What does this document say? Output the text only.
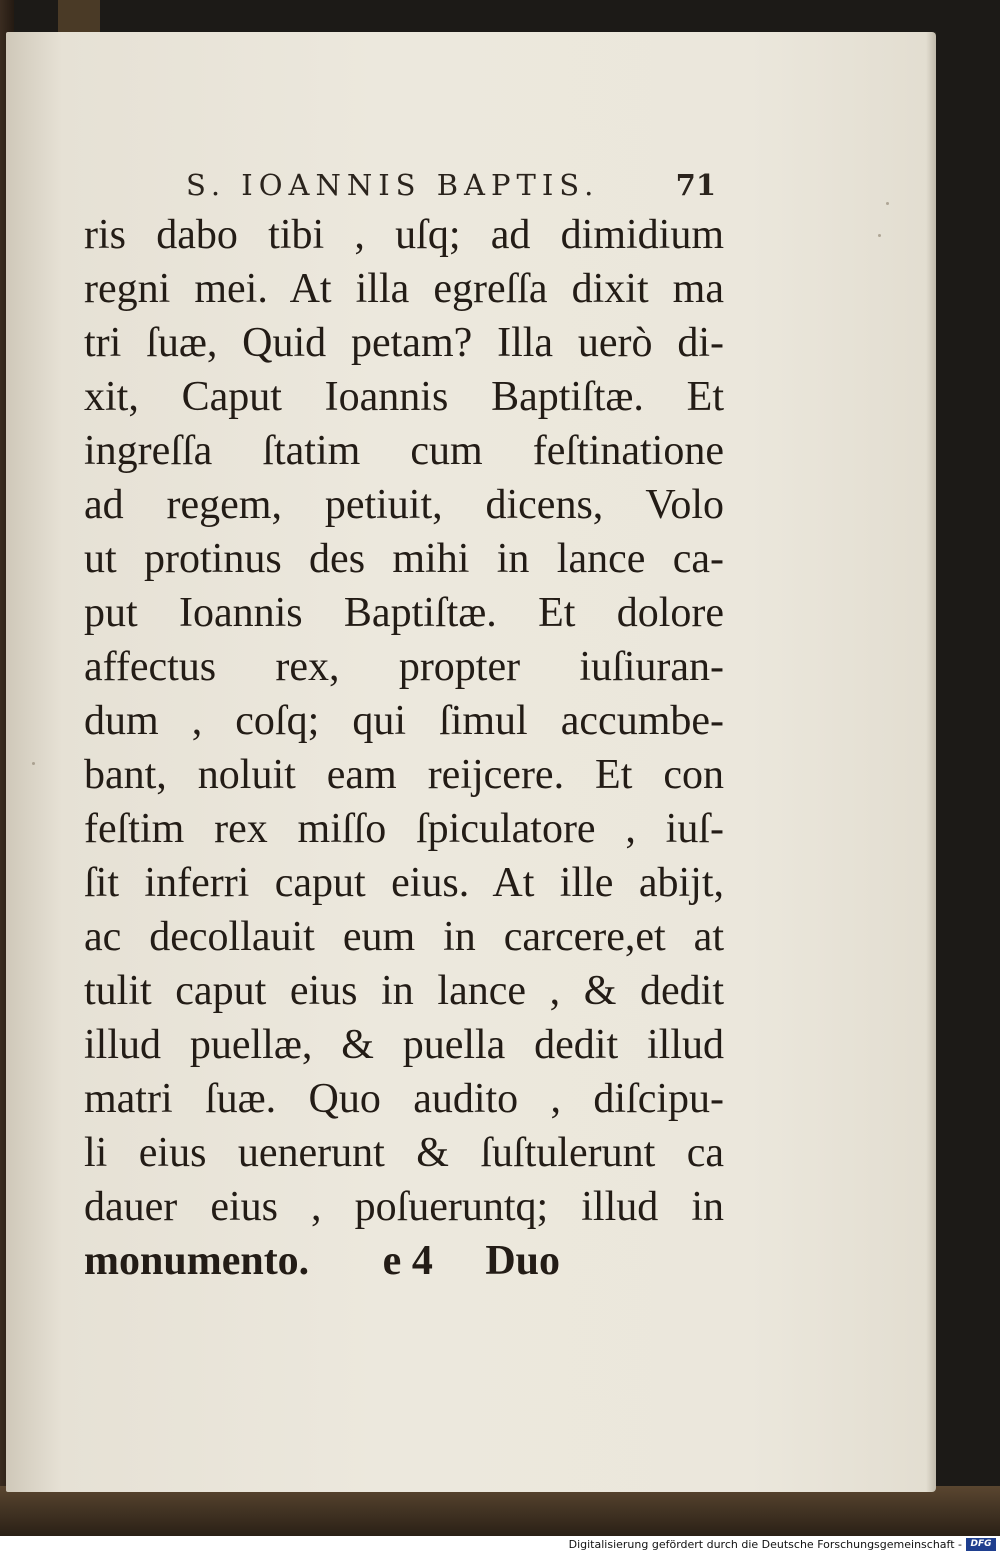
S. IOANNIS BAPTIS.	71
ris dabo tibi , uſq; ad dimidium
regni mei. At illa egreſſa dixit ma
tri ſuæ, Quid petam? Illa uerò di-
xit, Caput Ioannis Baptiſtæ. Et
ingreſſa ſtatim cum feſtinatione
ad regem, petiuit, dicens, Volo
ut protinus des mihi in lance ca-
put Ioannis Baptiſtæ. Et dolore
affectus rex, propter iuſiuran-
dum , coſq; qui ſimul accumbe-
bant, noluit eam reijcere. Et con
feſtim rex miſſo ſpiculatore , iuſ-
ſit inferri caput eius. At ille abijt,
ac decollauit eum in carcere,et at
tulit caput eius in lance , & dedit
illud puellæ, & puella dedit illud
matri ſuæ. Quo audito , diſcipu-
li eius uenerunt & ſuſtulerunt ca
dauer eius , poſueruntq; illud in
monumento.       e 4     Duo
Digitalisierung gefördert durch die Deutsche Forschungsgemeinschaft - DFG
